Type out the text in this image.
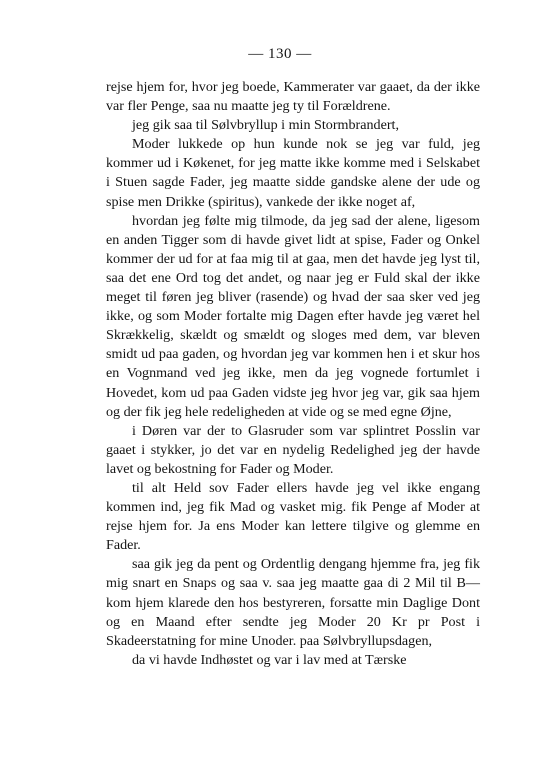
— 130 —

rejse hjem for, hvor jeg boede, Kammerater var gaaet, da der ikke var fler Penge, saa nu maatte jeg ty til Forældrene.

jeg gik saa til Sølvbryllup i min Stormbrandert,

Moder lukkede op hun kunde nok se jeg var fuld, jeg kommer ud i Køkenet, for jeg matte ikke komme med i Selskabet i Stuen sagde Fader, jeg maatte sidde gandske alene der ude og spise men Drikke (spiritus), vankede der ikke noget af,

hvordan jeg følte mig tilmode, da jeg sad der alene, ligesom en anden Tigger som di havde givet lidt at spise, Fader og Onkel kommer der ud for at faa mig til at gaa, men det havde jeg lyst til, saa det ene Ord tog det andet, og naar jeg er Fuld skal der ikke meget til føren jeg bliver (rasende) og hvad der saa sker ved jeg ikke, og som Moder fortalte mig Dagen efter havde jeg været hel Skrækkelig, skældt og smældt og sloges med dem, var bleven smidt ud paa gaden, og hvordan jeg var kommen hen i et skur hos en Vognmand ved jeg ikke, men da jeg vognede fortumlet i Hovedet, kom ud paa Gaden vidste jeg hvor jeg var, gik saa hjem og der fik jeg hele redeligheden at vide og se med egne Øjne,

i Døren var der to Glasruder som var splintret Posslin var gaaet i stykker, jo det var en nydelig Redelighed jeg der havde lavet og bekostning for Fader og Moder.

til alt Held sov Fader ellers havde jeg vel ikke engang kommen ind, jeg fik Mad og vasket mig. fik Penge af Moder at rejse hjem for. Ja ens Moder kan lettere tilgive og glemme en Fader.

saa gik jeg da pent og Ordentlig dengang hjemme fra, jeg fik mig snart en Snaps og saa v. saa jeg maatte gaa di 2 Mil til B— kom hjem klarede den hos bestyreren, forsatte min Daglige Dont og en Maand efter sendte jeg Moder 20 Kr pr Post i Skadeerstatning for mine Unoder. paa Sølvbryllupsdagen,

da vi havde Indhøstet og var i lav med at Tærske
